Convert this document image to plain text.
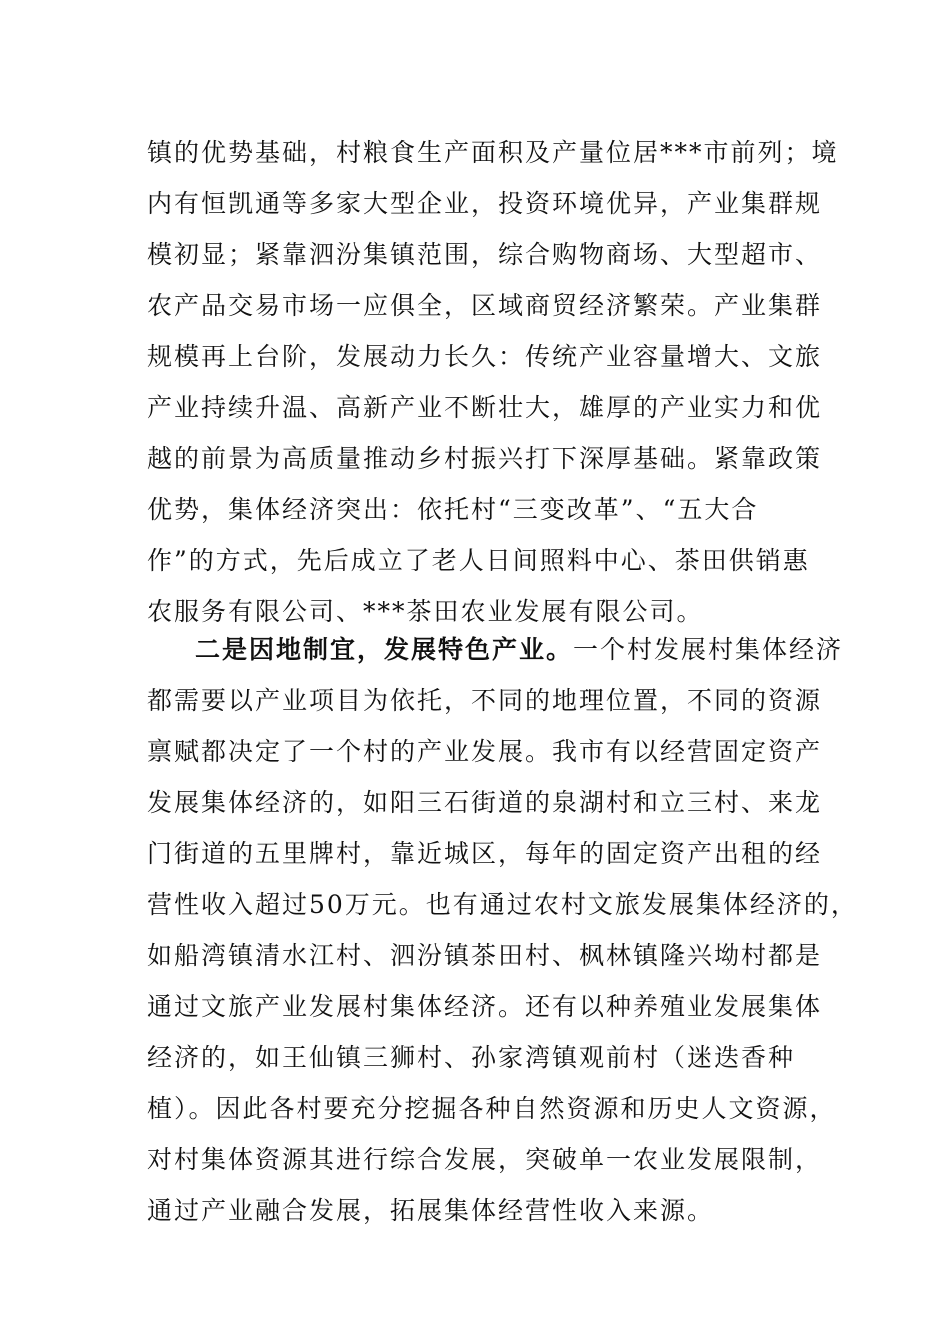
镇的优势基础，村粮食生产面积及产量位居***市前列；境
内有恒凯通等多家大型企业，投资环境优异，产业集群规
模初显；紧靠泗汾集镇范围，综合购物商场、大型超市、
农产品交易市场一应俱全，区域商贸经济繁荣。产业集群
规模再上台阶，发展动力长久：传统产业容量增大、文旅
产业持续升温、高新产业不断壮大，雄厚的产业实力和优
越的前景为高质量推动乡村振兴打下深厚基础。紧靠政策
优势，集体经济突出：依托村“三变改革”、“五大合
作”的方式，先后成立了老人日间照料中心、茶田供销惠
农服务有限公司、***茶田农业发展有限公司。
二是因地制宜，发展特色产业。一个村发展村集体经济
都需要以产业项目为依托，不同的地理位置，不同的资源
禀赋都决定了一个村的产业发展。我市有以经营固定资产
发展集体经济的，如阳三石街道的泉湖村和立三村、来龙
门街道的五里牌村，靠近城区，每年的固定资产出租的经
营性收入超过50万元。也有通过农村文旅发展集体经济的，
如船湾镇清水江村、泗汾镇茶田村、枫林镇隆兴坳村都是
通过文旅产业发展村集体经济。还有以种养殖业发展集体
经济的，如王仙镇三狮村、孙家湾镇观前村（迷迭香种
植）。因此各村要充分挖掘各种自然资源和历史人文资源，
对村集体资源其进行综合发展，突破单一农业发展限制，
通过产业融合发展，拓展集体经营性收入来源。
